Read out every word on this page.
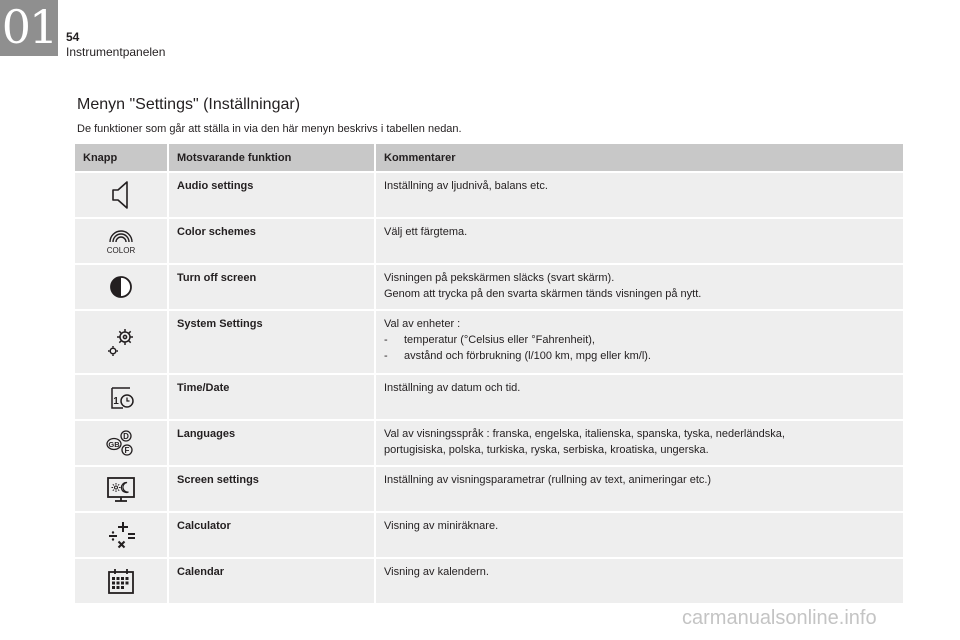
01 54
Instrumentpanelen
Menyn "Settings" (Inställningar)
De funktioner som går att ställa in via den här menyn beskrivs i tabellen nedan.
Knapp	Motsvarande funktion	Kommentarer
Audio settings	Inställning av ljudnivå, balans etc.
COLOR
Color schemes	Välj ett färgtema.
Turn off screen	Visningen på pekskärmen släcks (svart skärm).
Genom att trycka på den svarta skärmen tänds visningen på nytt.
System Settings	Val av enheter :
- temperatur (°Celsius eller °Fahrenheit),
- avstånd och förbrukning (l/100 km, mpg eller km/l).
1
Time/Date	Inställning av datum och tid.
D
GB
F
Languages	Val av visningsspråk : franska, engelska, italienska, spanska, tyska, nederländska,
portugisiska, polska, turkiska, ryska, serbiska, kroatiska, ungerska.
Screen settings	Inställning av visningsparametrar (rullning av text, animeringar etc.)
Calculator	Visning av miniräknare.
Calendar	Visning av kalendern.
carmanualsonline.info
